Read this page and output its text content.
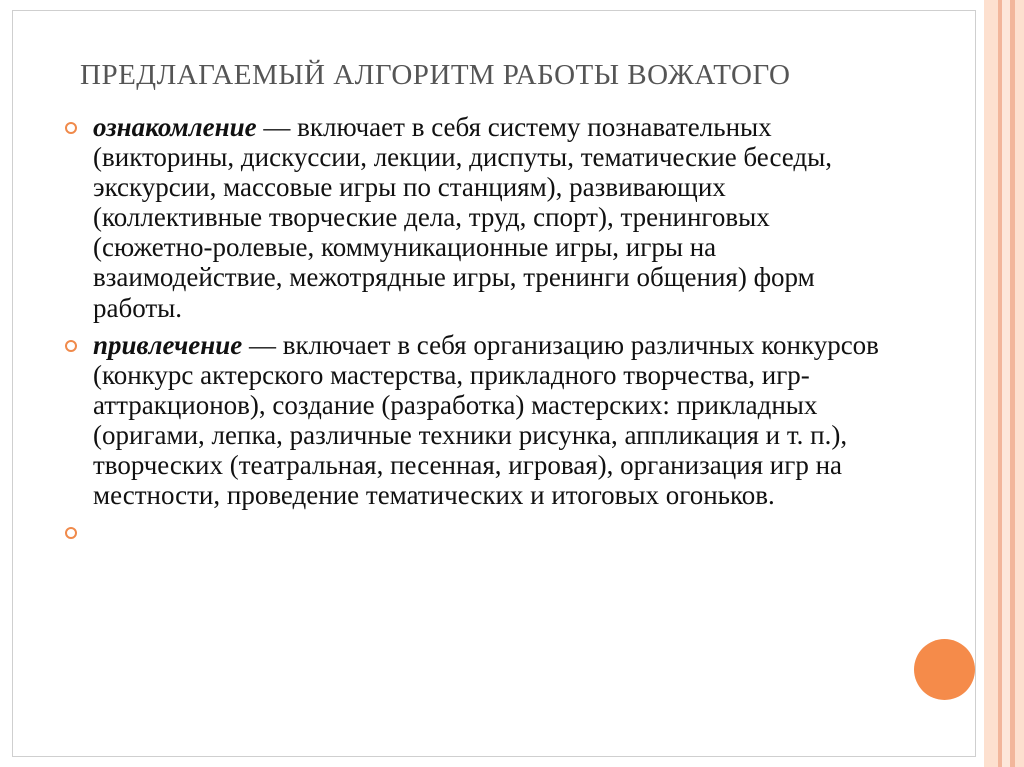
ПРЕДЛАГАЕМЫЙ АЛГОРИТМ РАБОТЫ ВОЖАТОГО
ознакомление — включает в себя систему познавательных (викторины, дискуссии, лекции, диспуты, тематические беседы, экскурсии, массовые игры по станциям), развивающих (коллективные творческие дела, труд, спорт), тренинговых (сюжетно-ролевые, коммуникационные игры, игры на взаимодействие, межотрядные игры, тренинги общения) форм работы.
привлечение — включает в себя организацию различных конкурсов (конкурс актерского мастерства, прикладного творчества, игр-аттракционов), создание (разработка) мастерских: прикладных (оригами, лепка, различные техники рисунка, аппликация и т. п.), творческих (театральная, песенная, игровая), организация игр на местности, проведение тематических и итоговых огоньков.
